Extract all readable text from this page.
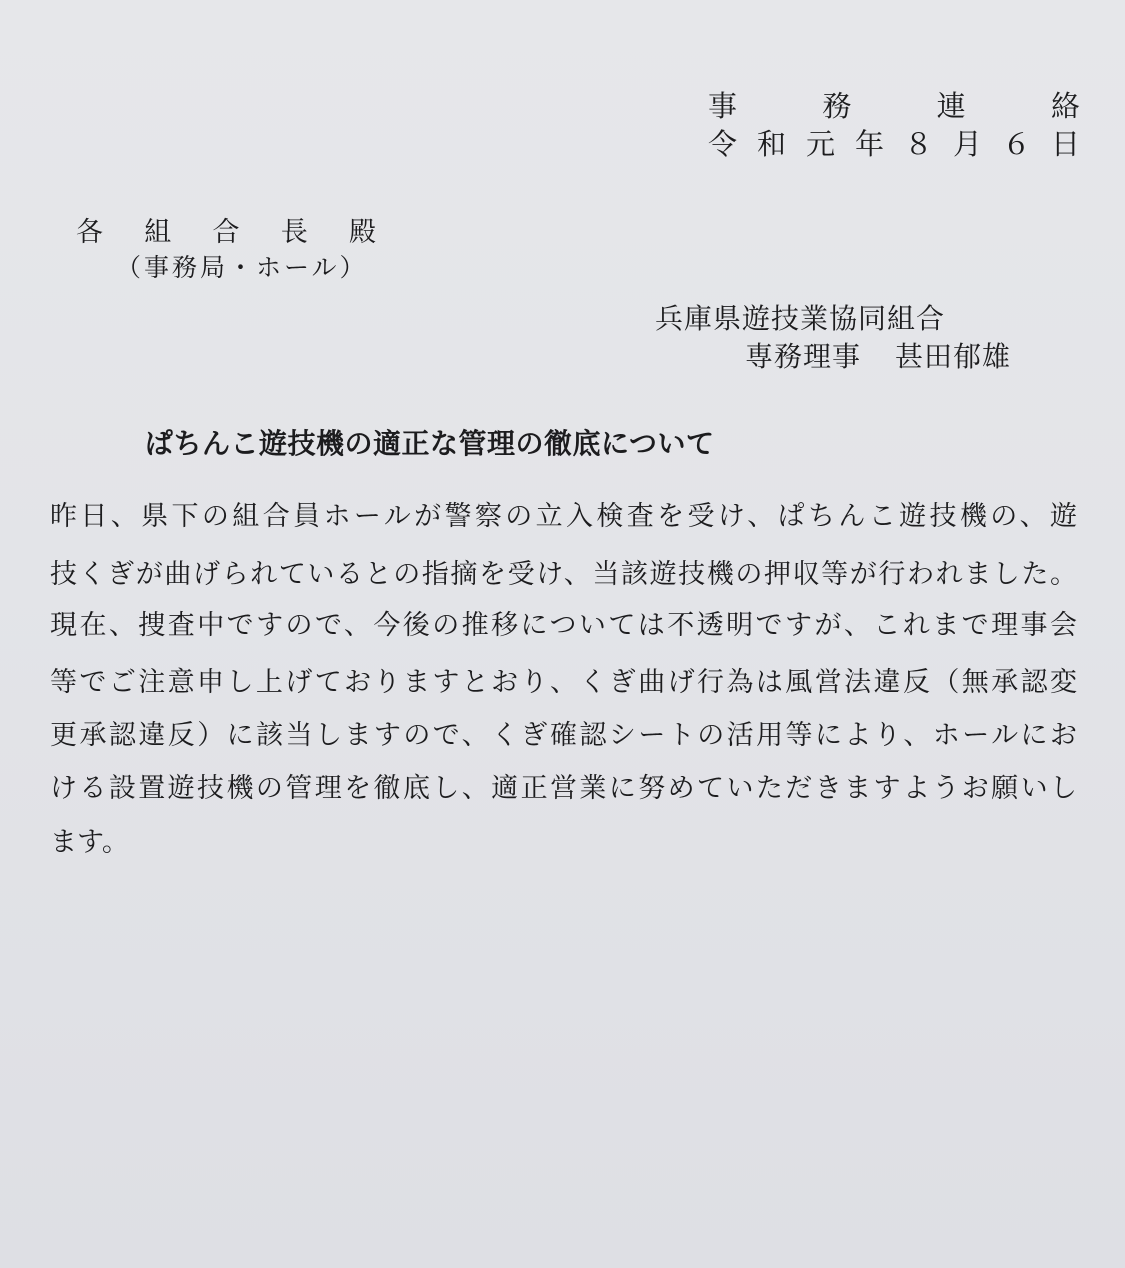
事　務　連　絡
令和元年８月６日
各組合長殿
（事務局・ホール）
兵庫県遊技業協同組合
専務理事 甚田郁雄
ぱちんこ遊技機の適正な管理の徹底について
昨日、県下の組合員ホールが警察の立入検査を受け、ぱちんこ遊技機の、遊
技くぎが曲げられているとの指摘を受け、当該遊技機の押収等が行われました。
現在、捜査中ですので、今後の推移については不透明ですが、これまで理事会
等でご注意申し上げておりますとおり、くぎ曲げ行為は風営法違反（無承認変
更承認違反）に該当しますので、くぎ確認シートの活用等により、ホールにお
ける設置遊技機の管理を徹底し、適正営業に努めていただきますようお願いし
ます。
